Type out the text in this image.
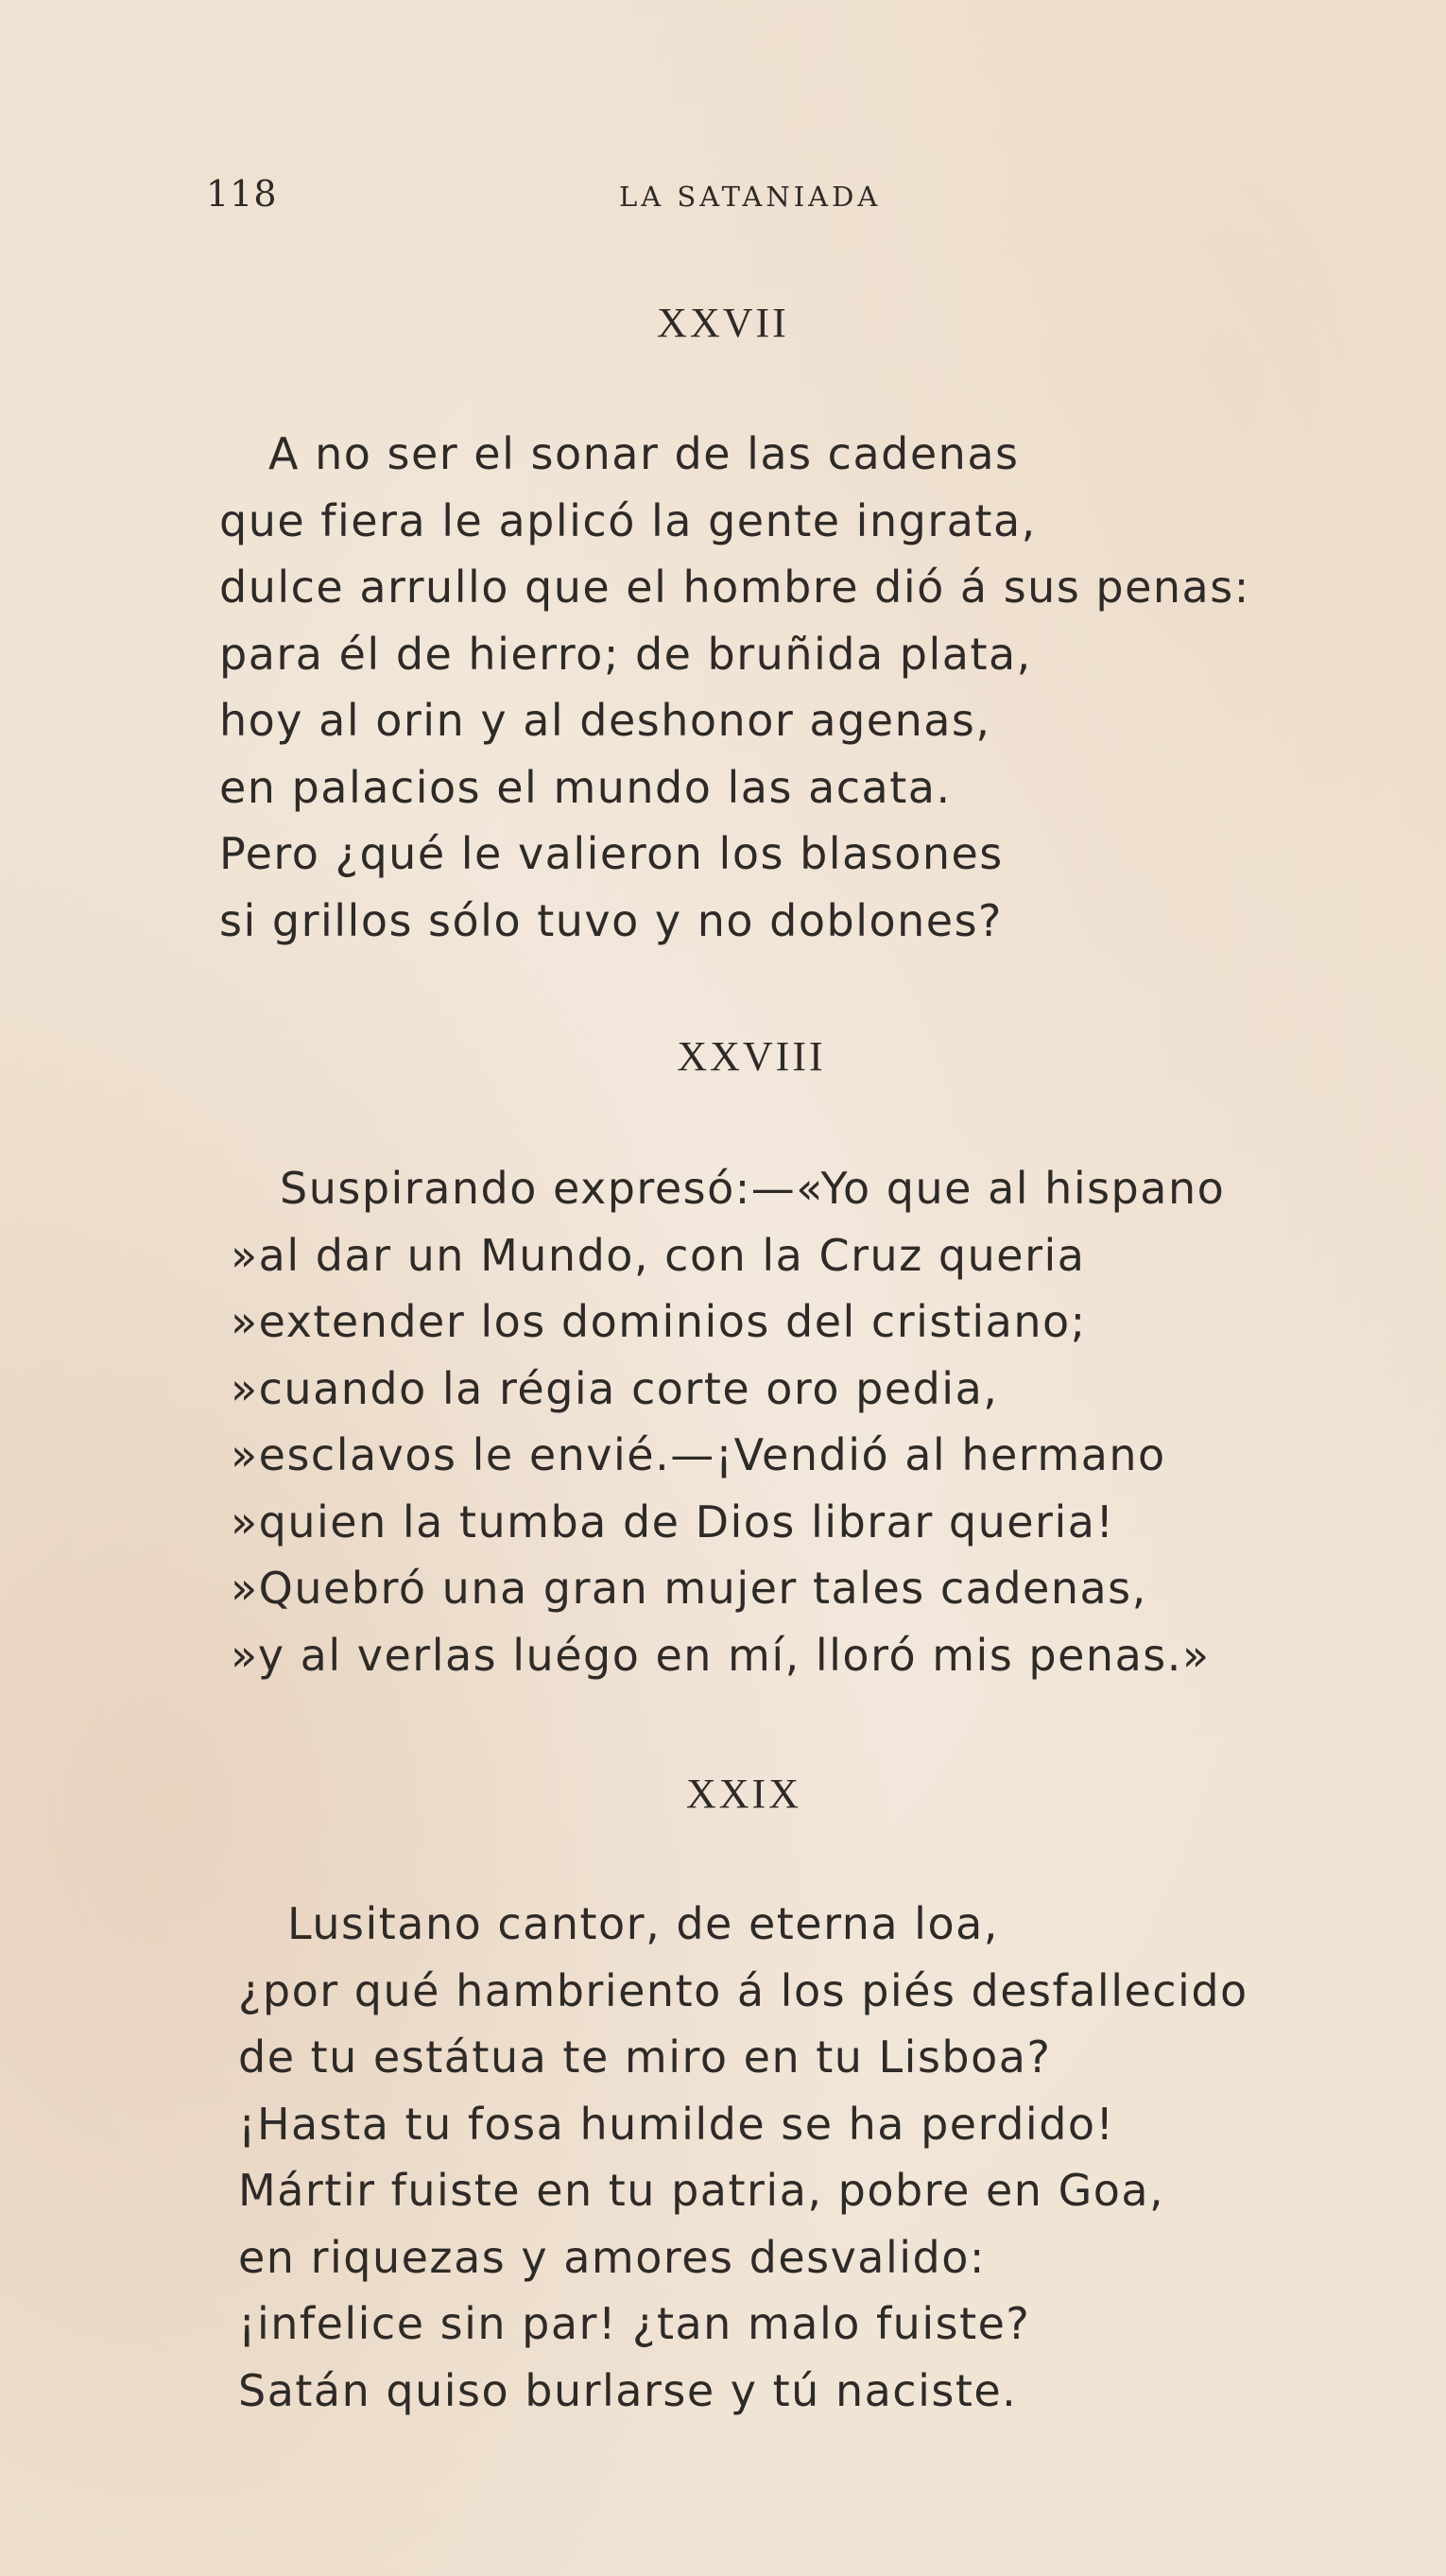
118	LA SATANIADA
XXVII
A no ser el sonar de las cadenas
que fiera le aplicó la gente ingrata,
dulce arrullo que el hombre dió á sus penas:
para él de hierro; de bruñida plata,
hoy al orin y al deshonor agenas,
en palacios el mundo las acata.
Pero ¿qué le valieron los blasones
si grillos sólo tuvo y no doblones?
XXVIII
Suspirando expresó:—«Yo que al hispano
»al dar un Mundo, con la Cruz queria
»extender los dominios del cristiano;
»cuando la régia corte oro pedia,
»esclavos le envié.—¡Vendió al hermano
»quien la tumba de Dios librar queria!
»Quebró una gran mujer tales cadenas,
»y al verlas luégo en mí, lloró mis penas.»
XXIX
Lusitano cantor, de eterna loa,
¿por qué hambriento á los piés desfallecido
de tu estátua te miro en tu Lisboa?
¡Hasta tu fosa humilde se ha perdido!
Mártir fuiste en tu patria, pobre en Goa,
en riquezas y amores desvalido:
¡infelice sin par! ¿tan malo fuiste?
Satán quiso burlarse y tú naciste.
